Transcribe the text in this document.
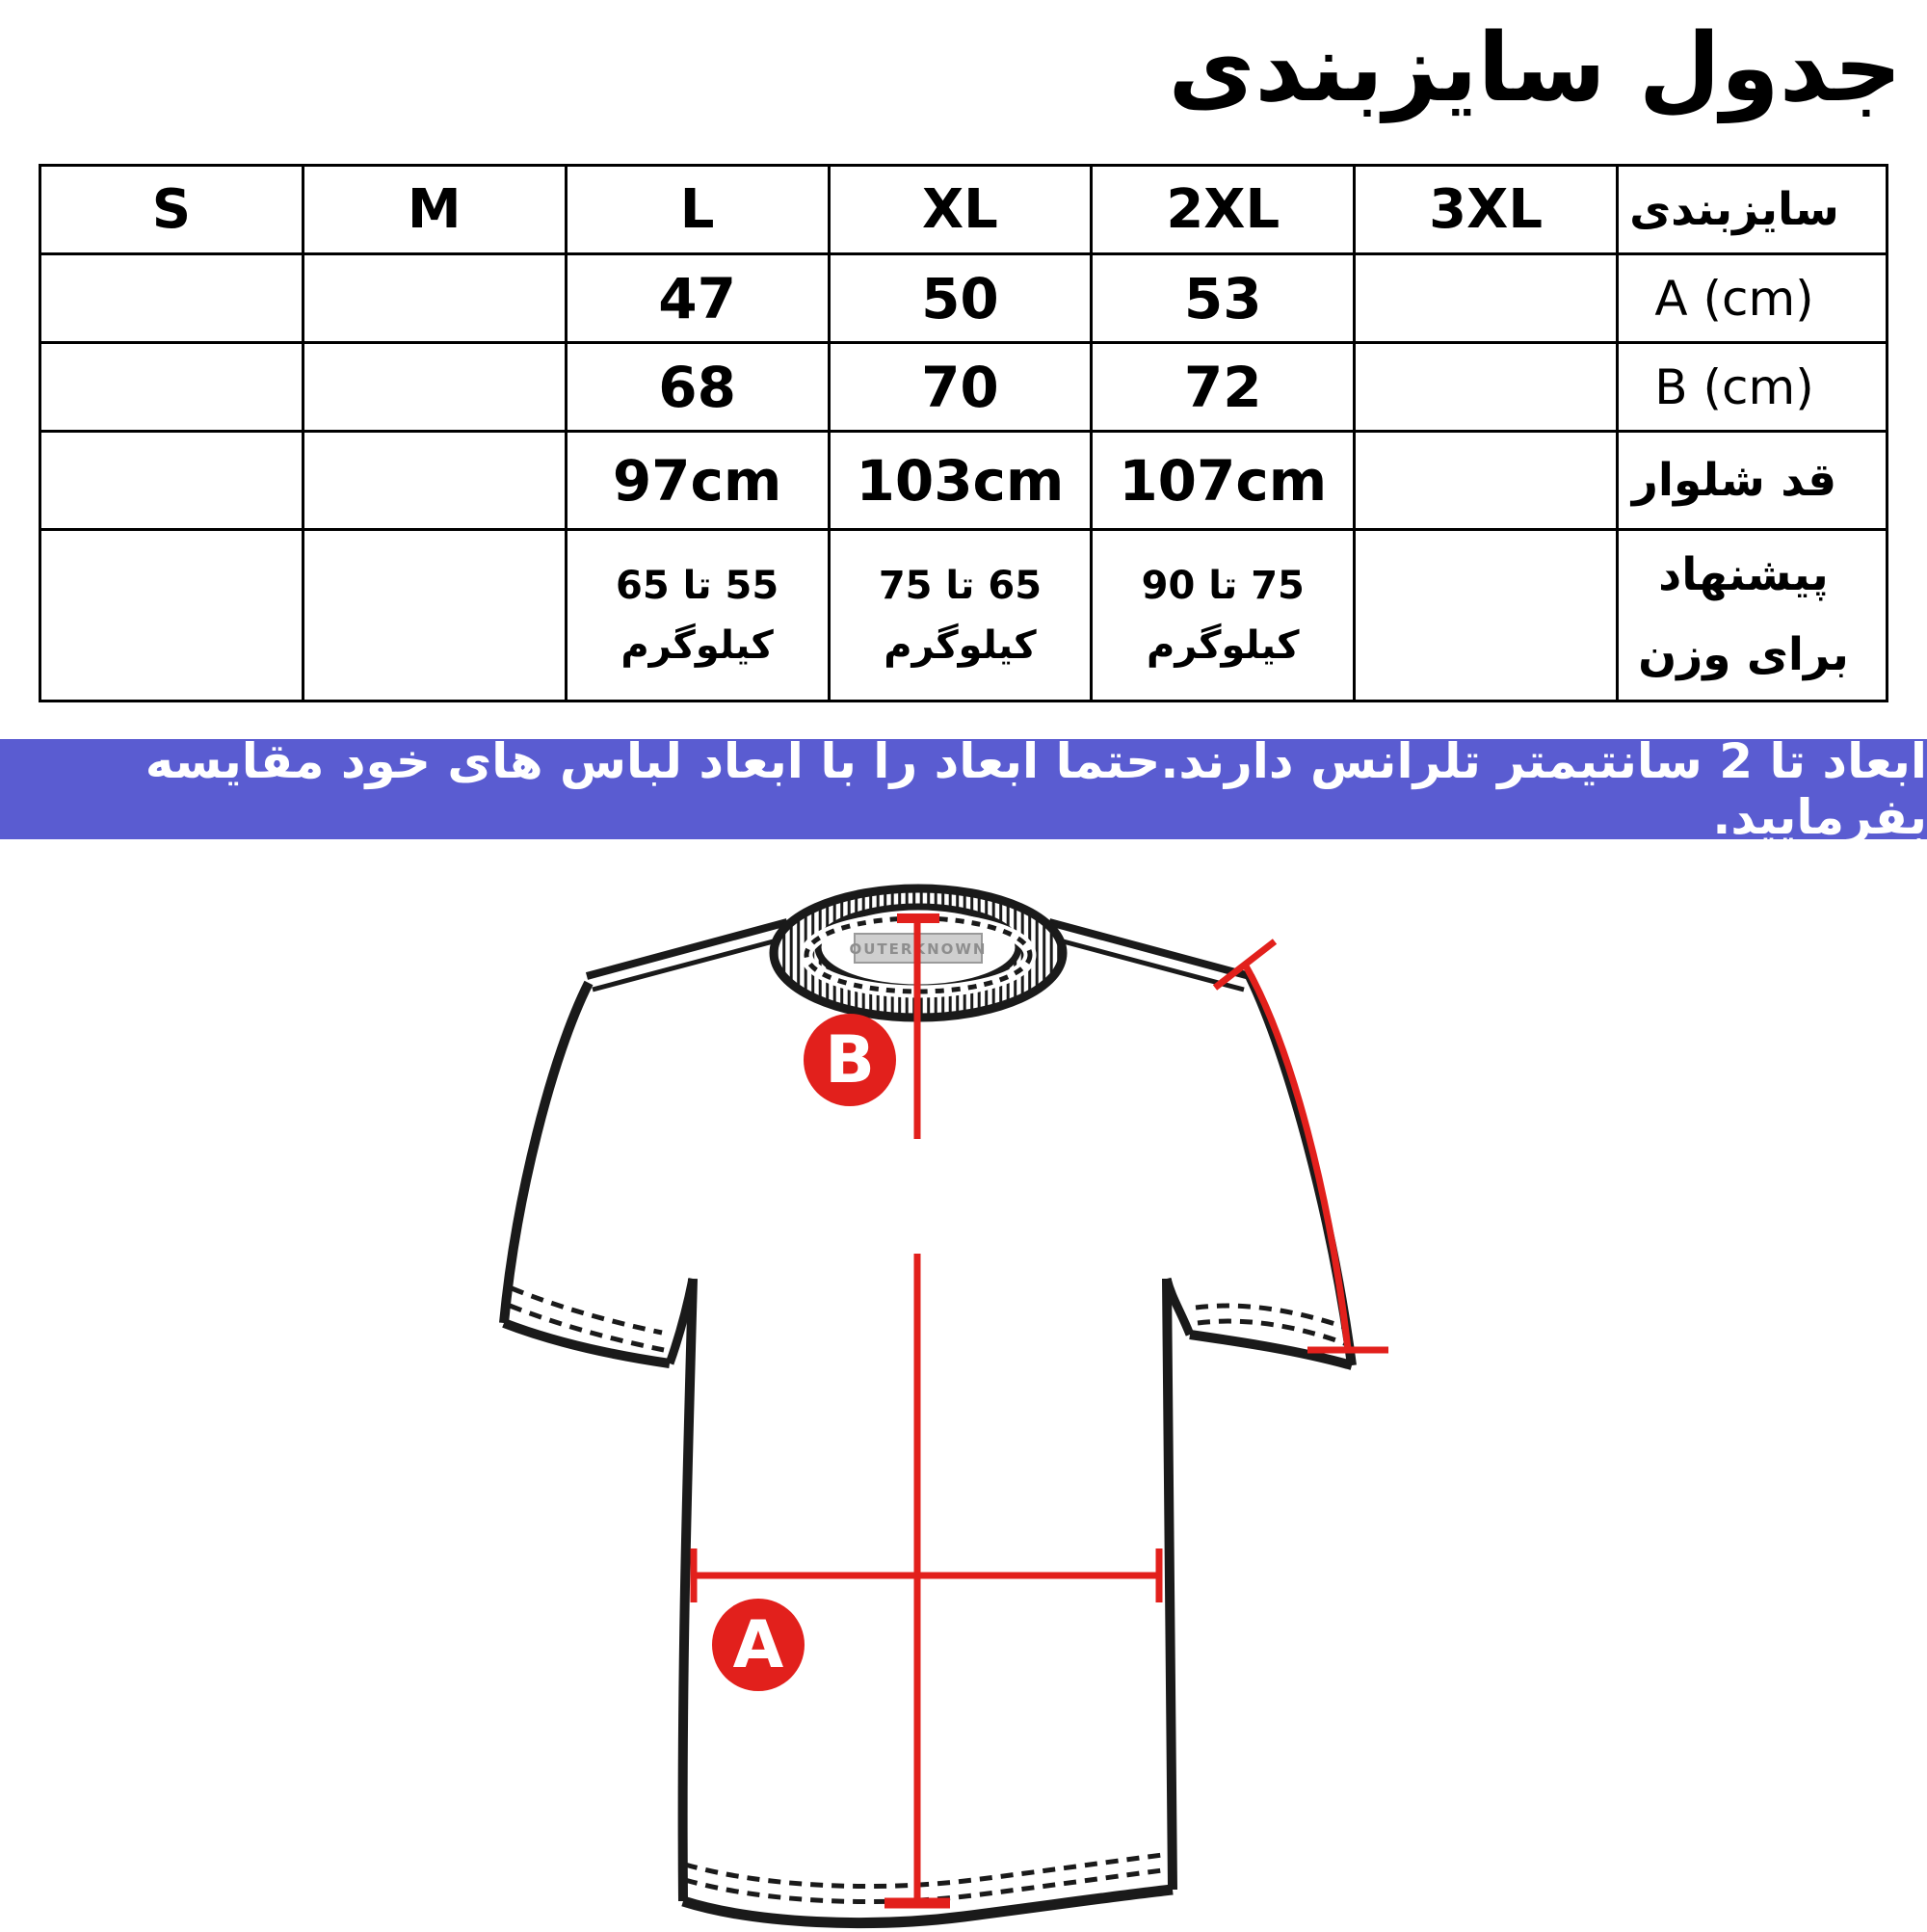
جدول سایزبندی
سایزبندی	3XL	2XL	XL	L	M	S
A (cm)		53	50	47		
B (cm)		72	70	68		
قد شلوار		107cm	103cm	97cm		
پیشنهاد برای وزن		75 تا 90 کیلوگرم	65 تا 75 کیلوگرم	55 تا 65 کیلوگرم		
ابعاد تا 2 سانتیمتر تلرانس دارند.حتما ابعاد را با ابعاد لباس های خود مقایسه بفرمایید.
OUTERKNOWN
B
A
